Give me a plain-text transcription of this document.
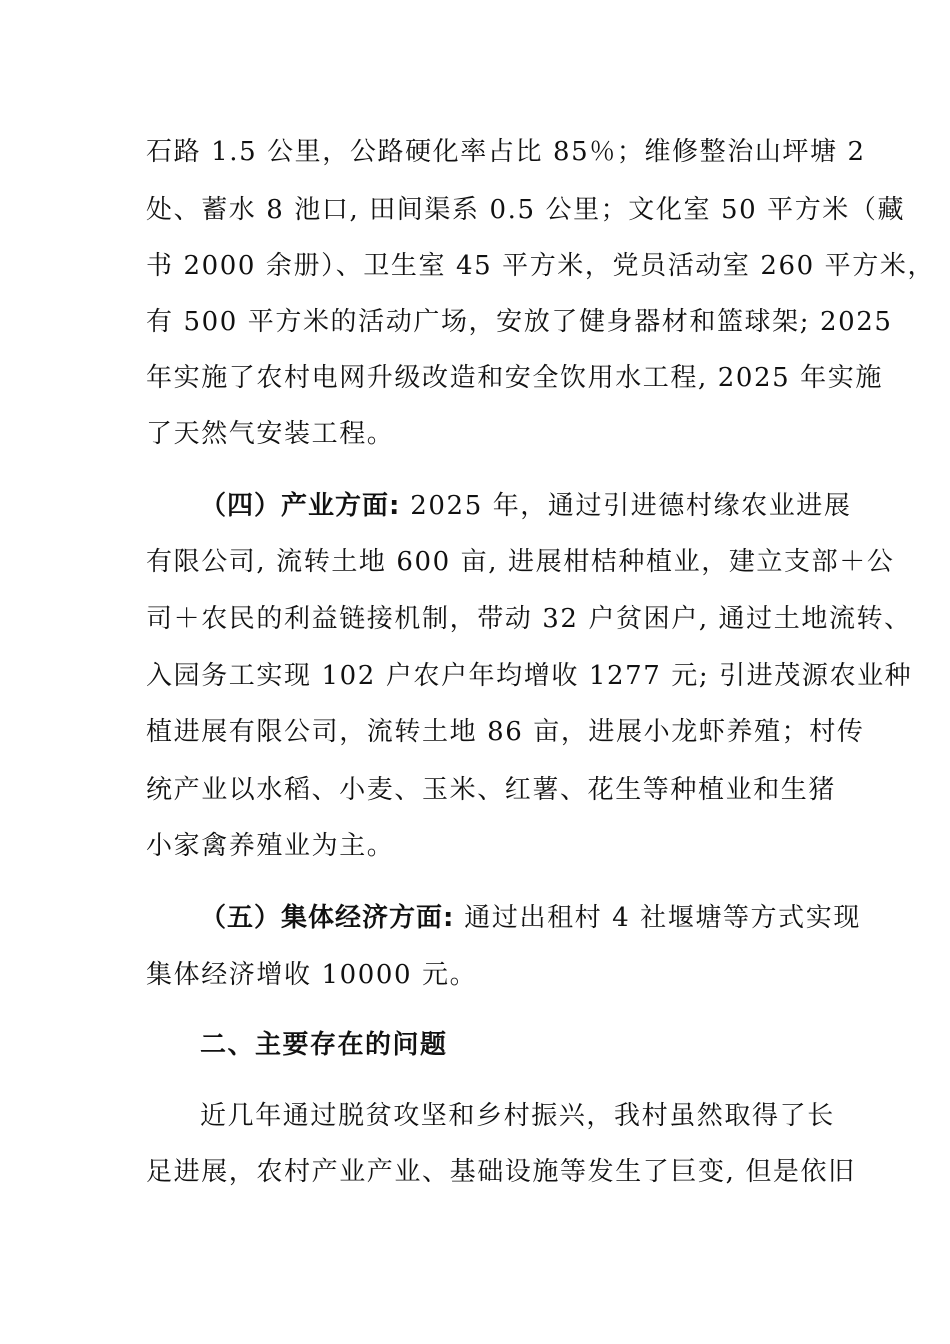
石路 1.5 公里，公路硬化率占比 85％；维修整治山坪塘 2
处、蓄水 8 池口, 田间渠系 0.5 公里；文化室 50 平方米（藏
书 2000 余册）、卫生室 45 平方米，党员活动室 260 平方米，
有 500 平方米的活动广场，安放了健身器材和篮球架; 2025
年实施了农村电网升级改造和安全饮用水工程, 2025 年实施
了天然气安装工程。
（四）产业方面: 2025 年，通过引进德村缘农业进展
有限公司, 流转土地 600 亩, 进展柑桔种植业，建立支部＋公
司＋农民的利益链接机制，带动 32 户贫困户, 通过土地流转、
入园务工实现 102 户农户年均增收 1277 元; 引进茂源农业种
植进展有限公司，流转土地 86 亩，进展小龙虾养殖；村传
统产业以水稻、小麦、玉米、红薯、花生等种植业和生猪
小家禽养殖业为主。
（五）集体经济方面: 通过出租村 4 社堰塘等方式实现
集体经济增收 10000 元。
二、主要存在的问题
近几年通过脱贫攻坚和乡村振兴，我村虽然取得了长
足进展，农村产业产业、基础设施等发生了巨变, 但是依旧
